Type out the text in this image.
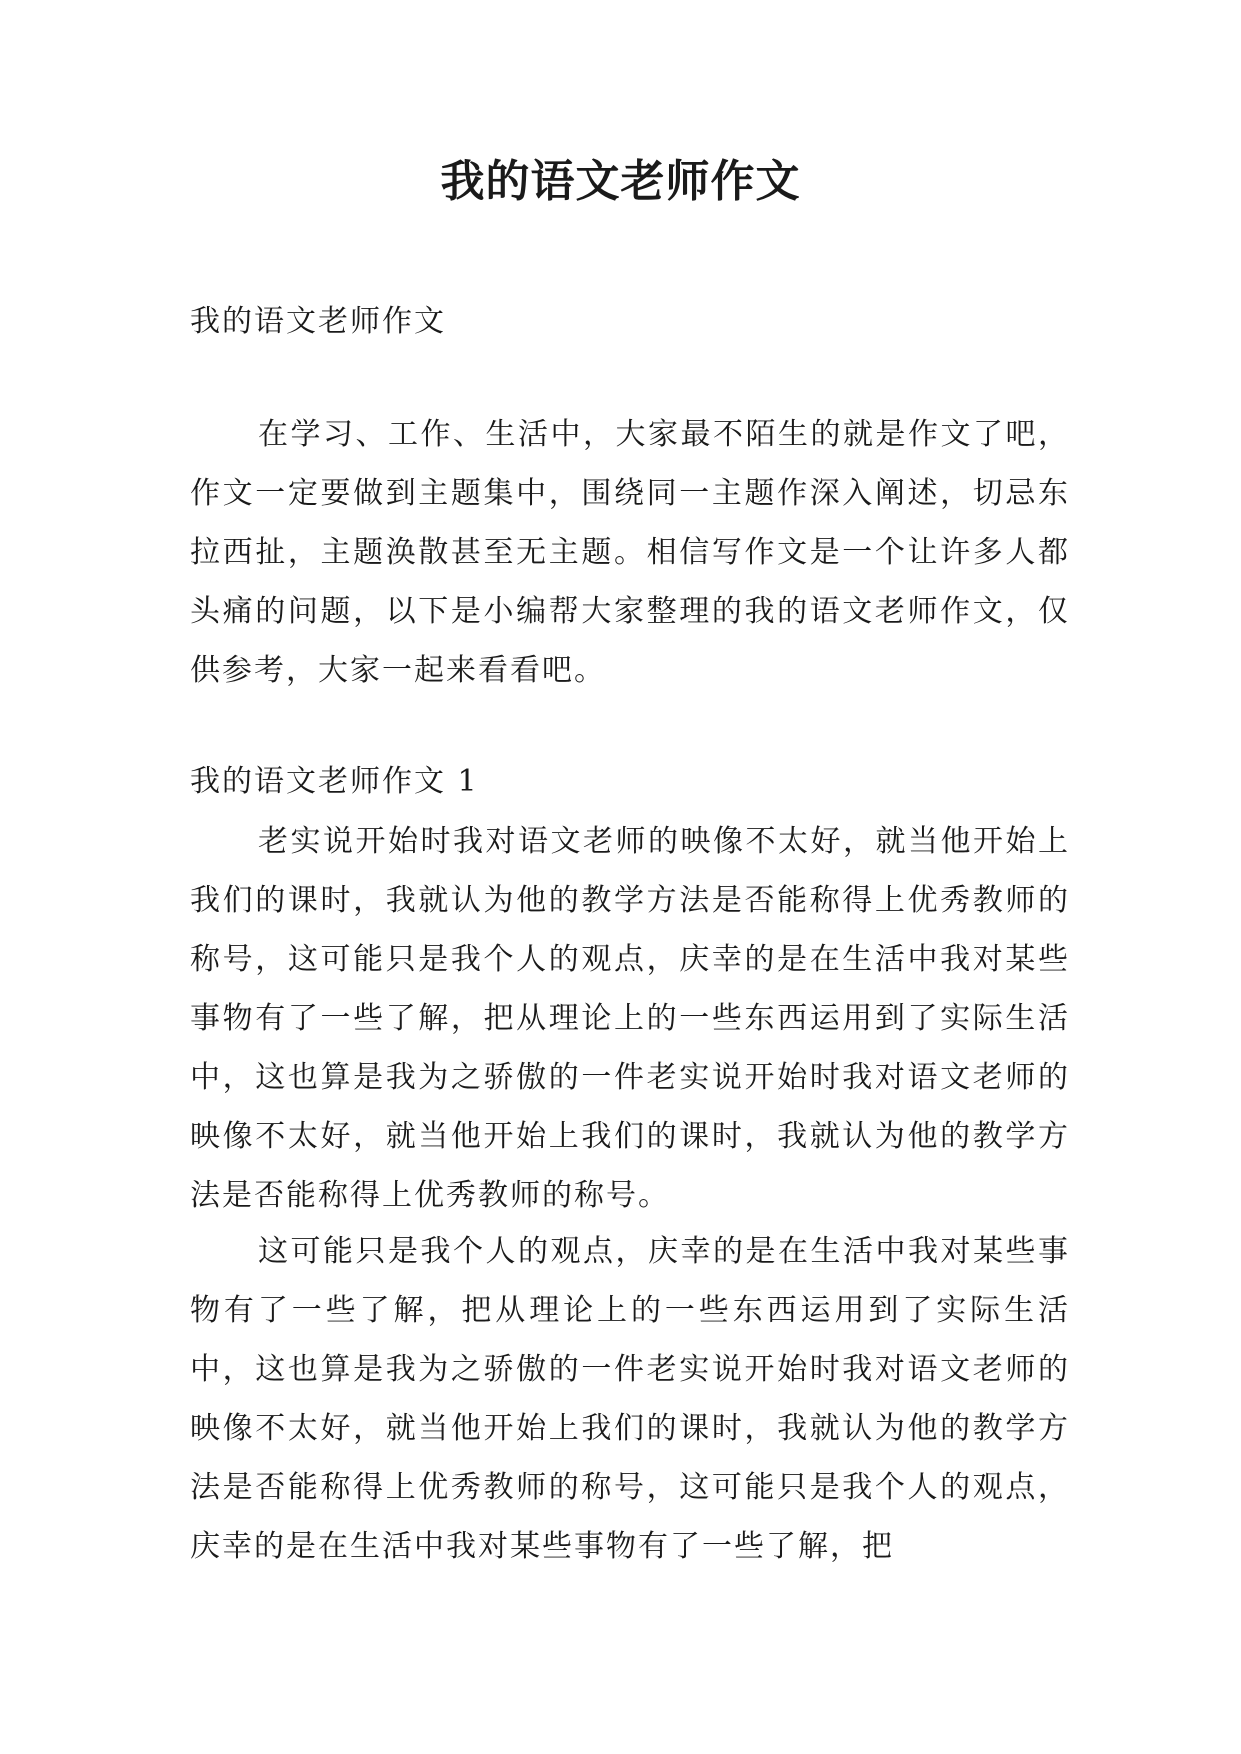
我的语文老师作文

我的语文老师作文

在学习、工作、生活中，大家最不陌生的就是作文了吧，作文一定要做到主题集中，围绕同一主题作深入阐述，切忌东拉西扯，主题涣散甚至无主题。相信写作文是一个让许多人都头痛的问题，以下是小编帮大家整理的我的语文老师作文，仅供参考，大家一起来看看吧。

我的语文老师作文 1

老实说开始时我对语文老师的映像不太好，就当他开始上我们的课时，我就认为他的教学方法是否能称得上优秀教师的称号，这可能只是我个人的观点，庆幸的是在生活中我对某些事物有了一些了解，把从理论上的一些东西运用到了实际生活中，这也算是我为之骄傲的一件老实说开始时我对语文老师的映像不太好，就当他开始上我们的课时，我就认为他的教学方法是否能称得上优秀教师的称号。

这可能只是我个人的观点，庆幸的是在生活中我对某些事物有了一些了解，把从理论上的一些东西运用到了实际生活中，这也算是我为之骄傲的一件老实说开始时我对语文老师的映像不太好，就当他开始上我们的课时，我就认为他的教学方法是否能称得上优秀教师的称号，这可能只是我个人的观点，庆幸的是在生活中我对某些事物有了一些了解，把
